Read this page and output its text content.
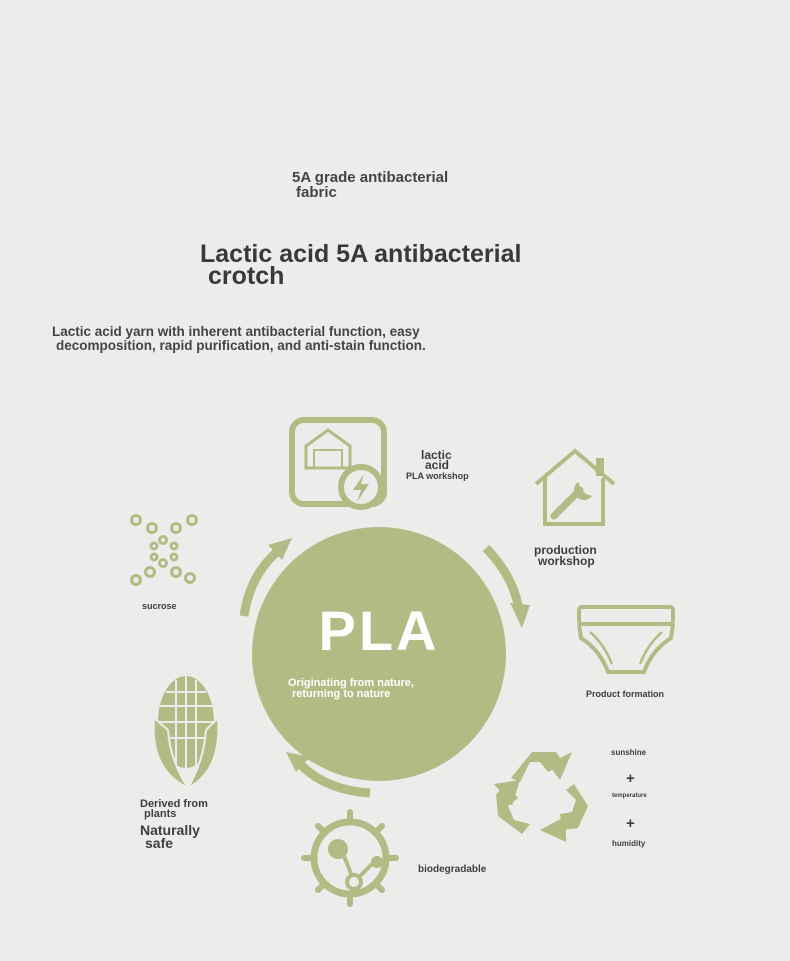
5A grade antibacterial
fabric
Lactic acid 5A antibacterial
crotch
Lactic acid yarn with inherent antibacterial function, easy
decomposition, rapid purification, and anti-stain function.
PLA
Originating from nature,
returning to nature
lactic
acid
PLA workshop
production
workshop
Product formation
sunshine
+
temperature
+
humidity
biodegradable
Derived from
plants
Naturally
safe
sucrose
